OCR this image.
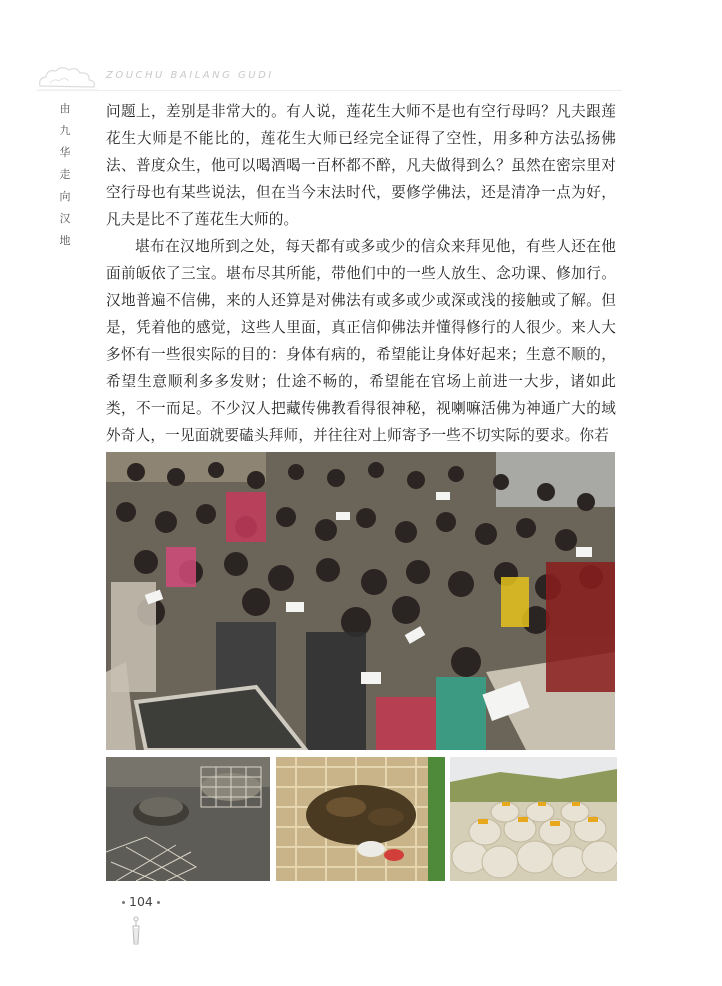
ZOUCHU BAILANG GUDI
由
九
华
走
向
汉
地

问题上，差别是非常大的。有人说，莲花生大师不是也有空行母吗？凡夫跟莲花生大师是不能比的，莲花生大师已经完全证得了空性，用多种方法弘扬佛法、普度众生，他可以喝酒喝一百杯都不醉，凡夫做得到么？虽然在密宗里对空行母也有某些说法，但在当今末法时代，要修学佛法，还是清净一点为好，凡夫是比不了莲花生大师的。

堪布在汉地所到之处，每天都有或多或少的信众来拜见他，有些人还在他面前皈依了三宝。堪布尽其所能，带他们中的一些人放生、念功课、修加行。汉地普遍不信佛，来的人还算是对佛法有或多或少或深或浅的接触或了解。但是，凭着他的感觉，这些人里面，真正信仰佛法并懂得修行的人很少。来人大多怀有一些很实际的目的：身体有病的，希望能让身体好起来；生意不顺的，希望生意顺利多多发财；仕途不畅的，希望能在官场上前进一大步，诸如此类，不一而足。不少汉人把藏传佛教看得很神秘，视喇嘛活佛为神通广大的域外奇人，一见面就要磕头拜师，并往往对上师寄予一些不切实际的要求。你若

104
